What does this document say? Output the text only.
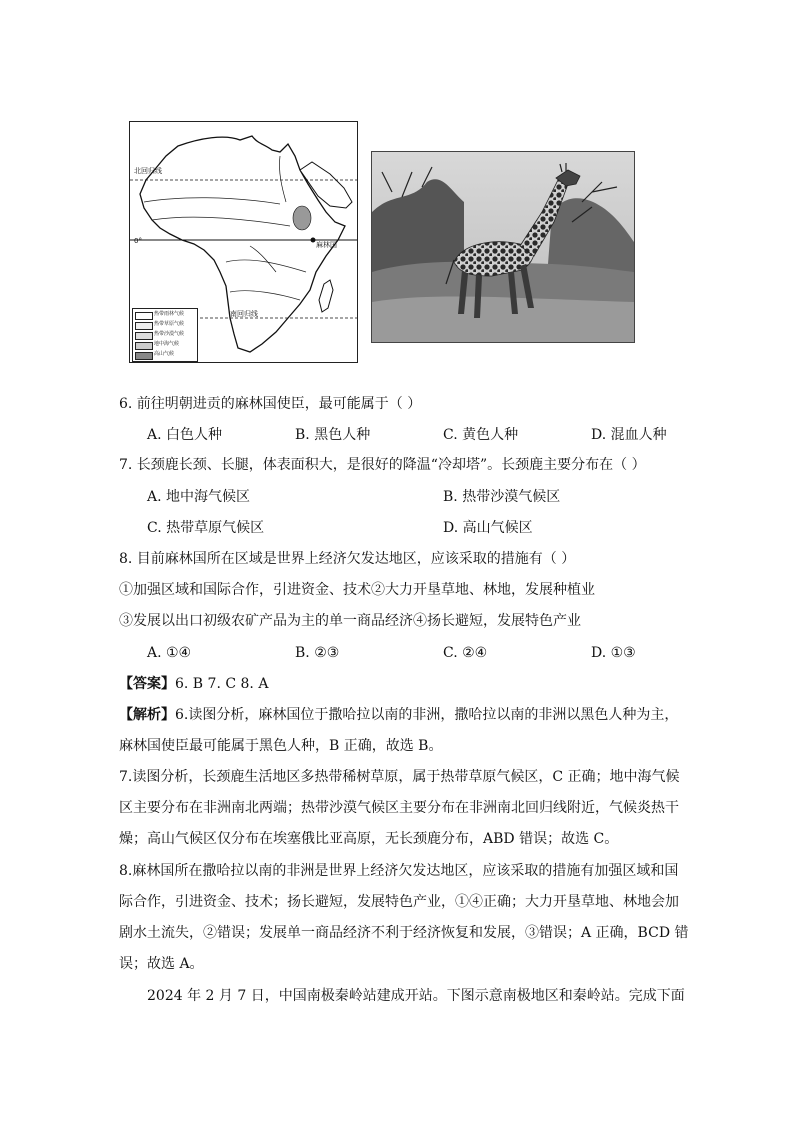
北回归线
0°
南回归线
麻林国
热带雨林气候
热带草原气候
热带沙漠气候
地中海气候
高山气候
6. 前往明朝进贡的麻林国使臣，最可能属于（ ）
A. 白色人种	B. 黑色人种	C. 黄色人种	D. 混血人种
7. 长颈鹿长颈、长腿，体表面积大，是很好的降温“冷却塔”。长颈鹿主要分布在（ ）
A. 地中海气候区	B. 热带沙漠气候区
C. 热带草原气候区	D. 高山气候区
8. 目前麻林国所在区域是世界上经济欠发达地区，应该采取的措施有（ ）
①加强区域和国际合作，引进资金、技术②大力开垦草地、林地，发展种植业
③发展以出口初级农矿产品为主的单一商品经济④扬长避短，发展特色产业
A. ①④	B. ②③	C. ②④	D. ①③
【答案】6. B 7. C 8. A
【解析】6.读图分析，麻林国位于撒哈拉以南的非洲，撒哈拉以南的非洲以黑色人种为主，
麻林国使臣最可能属于黑色人种，B 正确，故选 B。
7.读图分析，长颈鹿生活地区多热带稀树草原，属于热带草原气候区，C 正确；地中海气候
区主要分布在非洲南北两端；热带沙漠气候区主要分布在非洲南北回归线附近，气候炎热干
燥；高山气候区仅分布在埃塞俄比亚高原，无长颈鹿分布，ABD 错误；故选 C。
8.麻林国所在撒哈拉以南的非洲是世界上经济欠发达地区，应该采取的措施有加强区域和国
际合作，引进资金、技术；扬长避短，发展特色产业，①④正确；大力开垦草地、林地会加
剧水土流失，②错误；发展单一商品经济不利于经济恢复和发展，③错误；A 正确，BCD 错
误；故选 A。
2024 年 2 月 7 日，中国南极秦岭站建成开站。下图示意南极地区和秦岭站。完成下面
